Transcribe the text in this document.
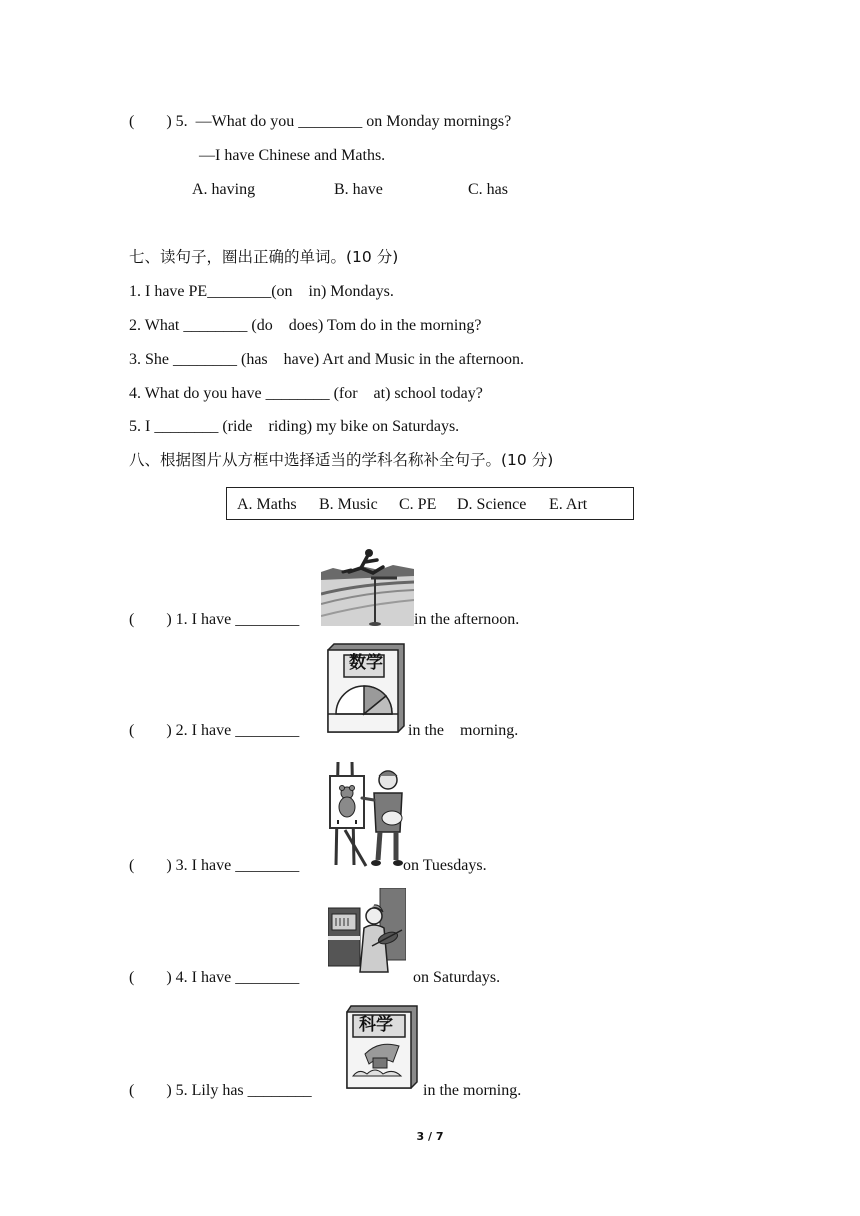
(        ) 5.  —What do you ________ on Monday mornings?
—I have Chinese and Maths.
A. having	B. have	C. has
七、读句子，圈出正确的单词。(10 分)
1. I have PE________(on    in) Mondays.
2. What ________ (do    does) Tom do in the morning?
3. She ________ (has    have) Art and Music in the afternoon.
4. What do you have ________ (for    at) school today?
5. I ________ (ride    riding) my bike on Saturdays.
八、根据图片从方框中选择适当的学科名称补全句子。(10 分)
A. Maths B. Music C. PE D. Science E. Art
(        ) 1. I have ________	in the afternoon.
(        ) 2. I have ________
数学
in the    morning.
(        ) 3. I have ________	on Tuesdays.
(        ) 4. I have ________	on Saturdays.
(        ) 5. Lily has ________
科学
in the morning.
3 / 7
